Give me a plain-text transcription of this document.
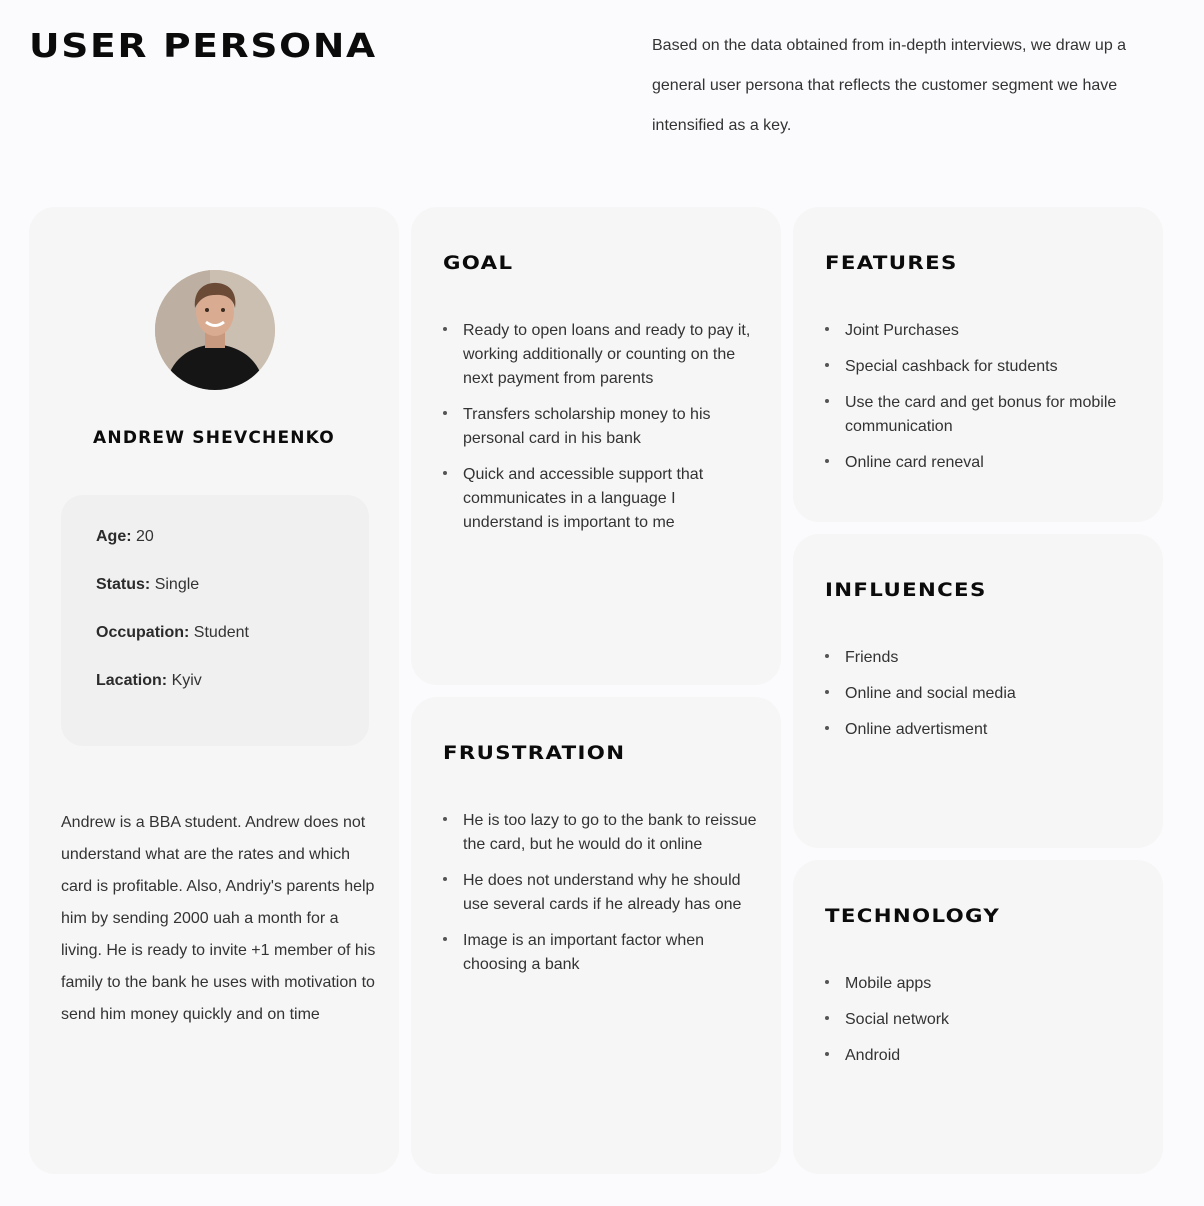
USER PERSONA	Based on the data obtained from in-depth interviews, we draw up a general user persona that reflects the customer segment we have intensified as a key.

ANDREW SHEVCHENKO
Age: 20
Status: Single
Occupation: Student
Lacation: Kyiv

Andrew is a BBA student. Andrew does not understand what are the rates and which card is profitable. Also, Andriy's parents help him by sending 2000 uah a month for a living. He is ready to invite +1 member of his family to the bank he uses with motivation to send him money quickly and on time

GOAL
Ready to open loans and ready to pay it, working additionally or counting on the next payment from parents
Transfers scholarship money to his personal card in his bank
Quick and accessible support that communicates in a language I understand is important to me
FRUSTRATION
He is too lazy to go to the bank to reissue the card, but he would do it online
He does not understand why he should use several cards if he already has one
Image is an important factor when choosing a bank
FEATURES
Joint Purchases
Special cashback for students
Use the card and get bonus for mobile communication
Online card reneval
INFLUENCES
Friends
Online and social media
Online advertisment
TECHNOLOGY
Mobile apps
Social network
Android
